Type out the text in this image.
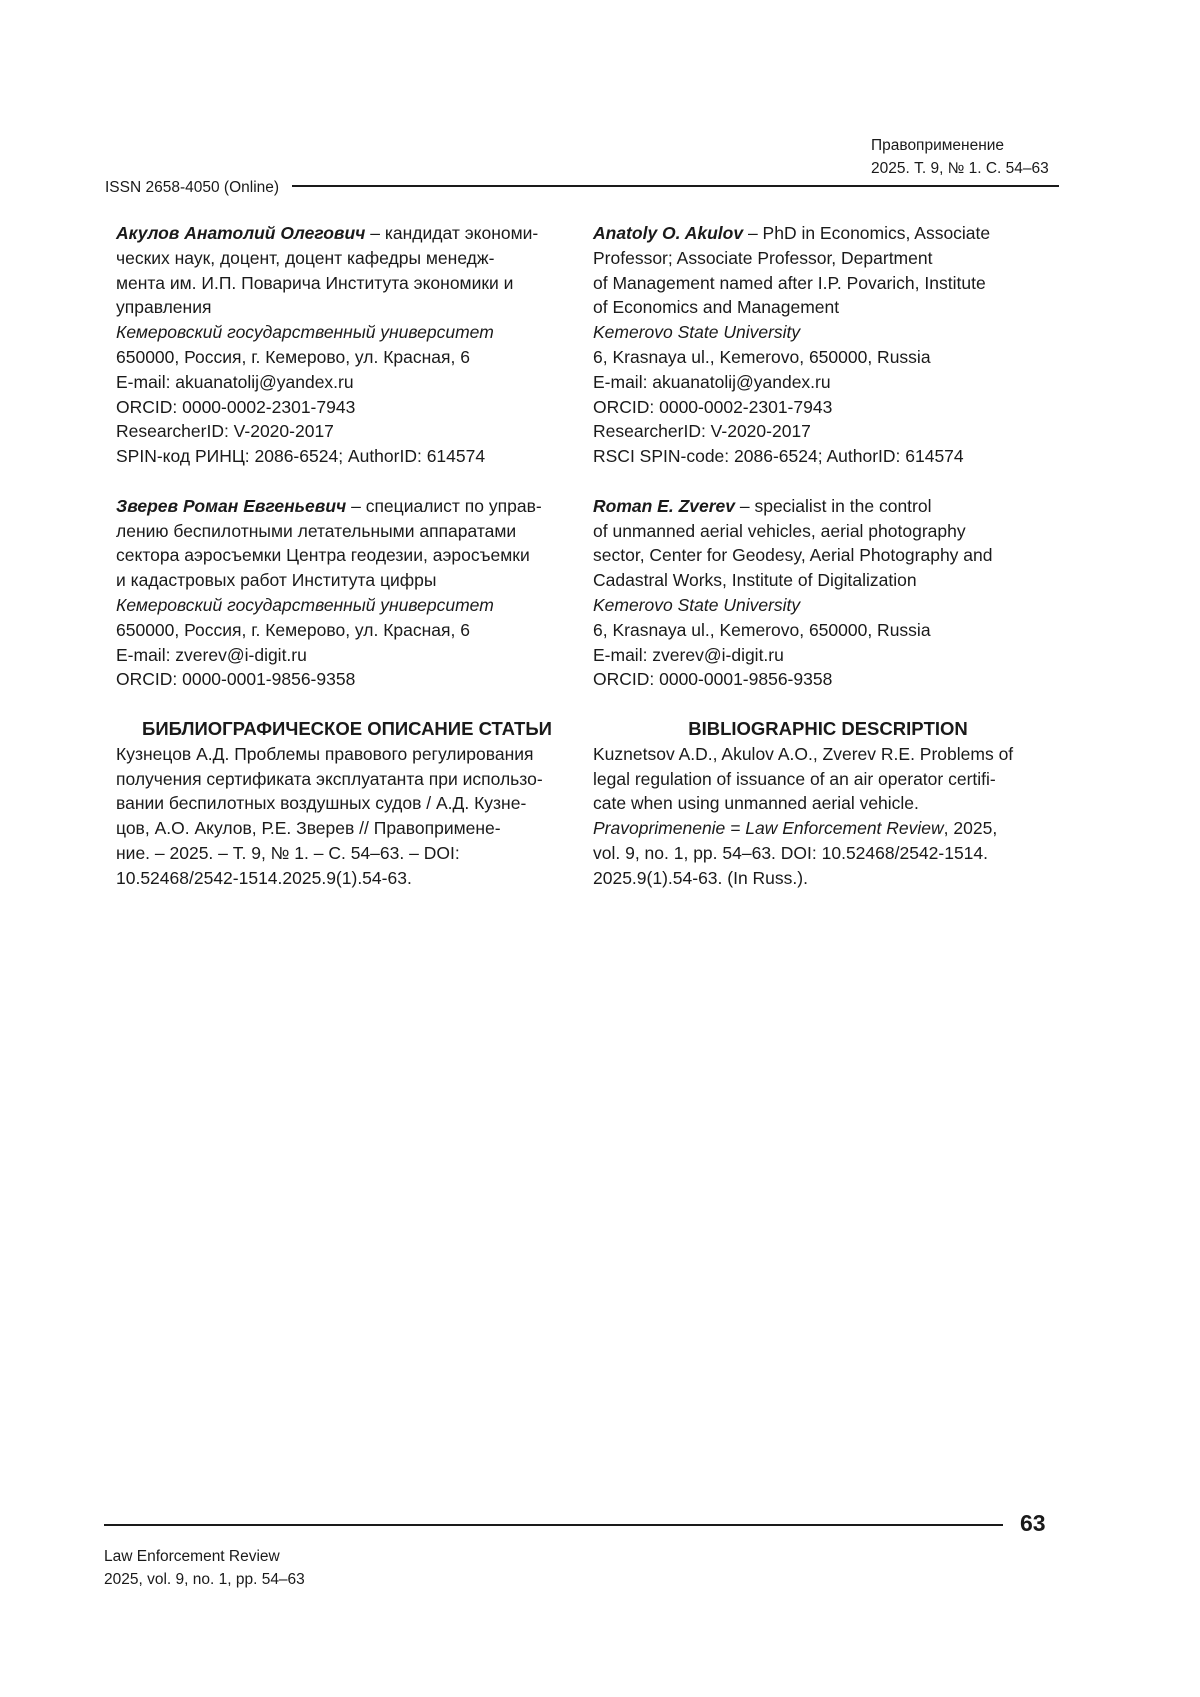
Правоприменение
2025. Т. 9, № 1. С. 54–63
ISSN 2658-4050 (Online)

Акулов Анатолий Олегович – кандидат экономи-

ческих наук, доцент, доцент кафедры менедж-

мента им. И.П. Поварича Института экономики и

управления

Кемеровский государственный университет

650000, Россия, г. Кемерово, ул. Красная, 6

E-mail: akuanatolij@yandex.ru

ORCID: 0000-0002-2301-7943

ResearcherID: V-2020-2017

SPIN-код РИНЦ: 2086-6524; AuthorID: 614574

Зверев Роман Евгеньевич – специалист по управ-

лению беспилотными летательными аппаратами

сектора аэросъемки Центра геодезии, аэросъемки

и кадастровых работ Института цифры

Кемеровский государственный университет

650000, Россия, г. Кемерово, ул. Красная, 6

E-mail: zverev@i-digit.ru

ORCID: 0000-0001-9856-9358

БИБЛИОГРАФИЧЕСКОЕ ОПИСАНИЕ СТАТЬИ

Кузнецов А.Д. Проблемы правового регулирования

получения сертификата эксплуатанта при использо-

вании беспилотных воздушных судов / А.Д. Кузне-

цов, А.О. Акулов, Р.Е. Зверев // Правопримене-

ние. – 2025. – Т. 9, № 1. – С. 54–63. – DOI:

10.52468/2542-1514.2025.9(1).54-63.

Anatoly O. Akulov – PhD in Economics, Associate

Professor; Associate Professor, Department

of Management named after I.P. Povarich, Institute

of Economics and Management

Kemerovo State University

6, Krasnaya ul., Kemerovo, 650000, Russia

E-mail: akuanatolij@yandex.ru

ORCID: 0000-0002-2301-7943

ResearcherID: V-2020-2017

RSCI SPIN-code: 2086-6524; AuthorID: 614574

Roman E. Zverev – specialist in the control

of unmanned aerial vehicles, aerial photography

sector, Center for Geodesy, Aerial Photography and

Cadastral Works, Institute of Digitalization

Kemerovo State University

6, Krasnaya ul., Kemerovo, 650000, Russia

E-mail: zverev@i-digit.ru

ORCID: 0000-0001-9856-9358

BIBLIOGRAPHIC DESCRIPTION

Kuznetsov A.D., Akulov A.O., Zverev R.E. Problems of

legal regulation of issuance of an air operator certifi-

cate when using unmanned aerial vehicle.

Pravoprimenenie = Law Enforcement Review, 2025,

vol. 9, no. 1, pp. 54–63. DOI: 10.52468/2542-1514.

2025.9(1).54-63. (In Russ.).

63
Law Enforcement Review
2025, vol. 9, no. 1, pp. 54–63
